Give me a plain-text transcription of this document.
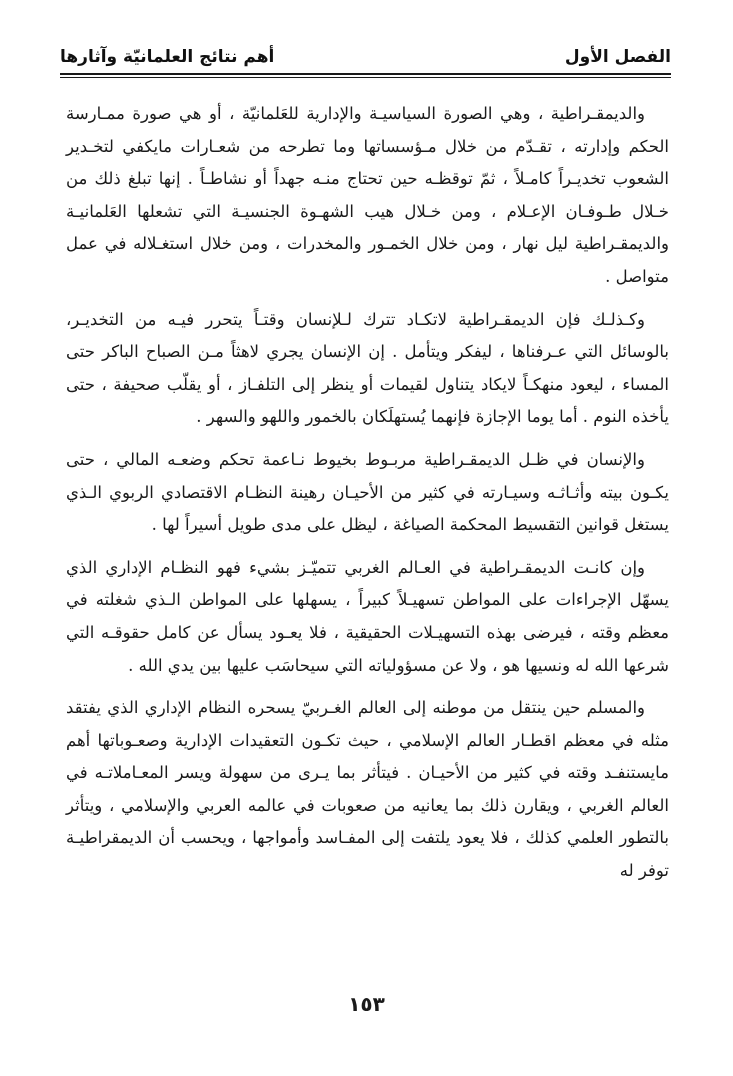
الفصل الأول
أهم نتائج العلمانيّة وآثارها

والديمقـراطية ، وهي الصورة السياسيـة والإدارية للعَلمانيّة ، أو هي صورة ممـارسة الحكم وإدارته ، تقـدّم من خلال مـؤسساتها وما تطرحه من شعـارات مايكفي لتخـدير الشعوب تخديـراً كامـلاً ، ثمّ توقظـه حين تحتاج منـه جهداً أو نشاطـاً . إنها تبلغ ذلك من خـلال طـوفـان الإعـلام ، ومن خـلال هيب الشهـوة الجنسيـة التي تشعلها العَلمانيـة والديمقـراطية ليل نهار ، ومن خلال الخمـور والمخدرات ، ومن خلال استغـلاله في عمل متواصل .

وكـذلـك فإن الديمقـراطية لاتكـاد تترك لـلإنسان وقتـاً يتحرر فيـه من التخديـر، بالوسائل التي عـرفناها ، ليفكر ويتأمل . إن الإنسان يجري لاهثاً مـن الصباح الباكر حتى المساء ، ليعود منهكـاً لايكاد يتناول لقيمات أو ينظر إلى التلفـاز ، أو يقلّب صحيفة ، حتى يأخذه النوم . أما يوما الإجازة فإنهما يُستهلَكان بالخمور واللهو والسهر .

والإنسان في ظـل الديمقـراطية مربـوط بخيوط نـاعمة تحكم وضعـه المالي ، حتى يكـون بيته وأثـاثـه وسيـارته في كثير من الأحيـان رهينة النظـام الاقتصادي الربوي الـذي يستغل قوانين التقسيط المحكمة الصياغة ، ليظل على مدى طويل أسيراً لها .

وإن كانـت الديمقـراطية في العـالم الغربي تتميّـز بشيء فهو النظـام الإداري الذي يسهّل الإجراءات على المواطن تسهيـلاً كبيراً ، يسهلها على المواطن الـذي شغلته في معظم وقته ، فيرضى بهذه التسهيـلات الحقيقية ، فلا يعـود يسأل عن كامل حقوقـه التي شرعها الله له ونسيها هو ، ولا عن مسؤولياته التي سيحاسَب عليها بين يدي الله .

والمسلم حين ينتقل من موطنه إلى العالم الغـربيّ يسحره النظام الإداري الذي يفتقد مثله في معظم اقطـار العالم الإسلامي ، حيث تكـون التعقيدات الإدارية وصعـوباتها أهم مايستنفـد وقته في كثير من الأحيـان . فيتأثر بما يـرى من سهولة ويسر المعـاملاتـه في العالم الغربي ، ويقارن ذلك بما يعانيه من صعوبات في عالمه العربي والإسلامي ، ويتأثر بالتطور العلمي كذلك ، فلا يعود يلتفت إلى المفـاسد وأمواجها ، ويحسب أن الديمقراطيـة توفر له

١٥٣
